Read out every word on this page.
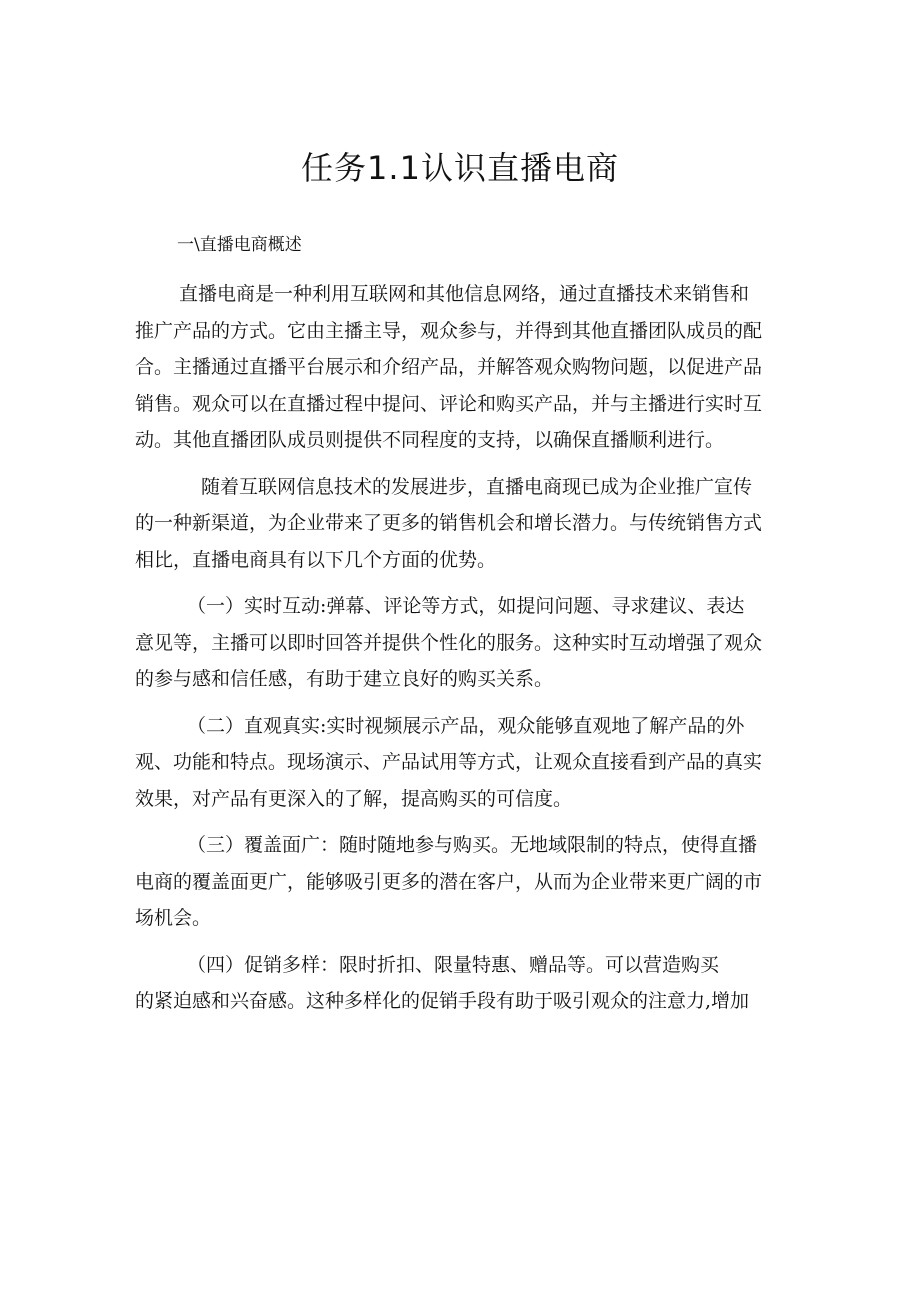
任务1.1认识直播电商
一\直播电商概述
直播电商是一种利用互联网和其他信息网络，通过直播技术来销售和
推广产品的方式。它由主播主导，观众参与，并得到其他直播团队成员的配
合。主播通过直播平台展示和介绍产品，并解答观众购物问题，以促进产品
销售。观众可以在直播过程中提问、评论和购买产品，并与主播进行实时互
动。其他直播团队成员则提供不同程度的支持，以确保直播顺利进行。
随着互联网信息技术的发展进步，直播电商现已成为企业推广宣传
的一种新渠道，为企业带来了更多的销售机会和增长潜力。与传统销售方式
相比，直播电商具有以下几个方面的优势。
（一）实时互动:弹幕、评论等方式，如提问问题、寻求建议、表达
意见等，主播可以即时回答并提供个性化的服务。这种实时互动增强了观众
的参与感和信任感，有助于建立良好的购买关系。
（二）直观真实:实时视频展示产品，观众能够直观地了解产品的外
观、功能和特点。现场演示、产品试用等方式，让观众直接看到产品的真实
效果，对产品有更深入的了解，提高购买的可信度。
（三）覆盖面广：随时随地参与购买。无地域限制的特点，使得直播
电商的覆盖面更广，能够吸引更多的潜在客户，从而为企业带来更广阔的市
场机会。
（四）促销多样：限时折扣、限量特惠、赠品等。可以营造购买
的紧迫感和兴奋感。这种多样化的促销手段有助于吸引观众的注意力,增加
